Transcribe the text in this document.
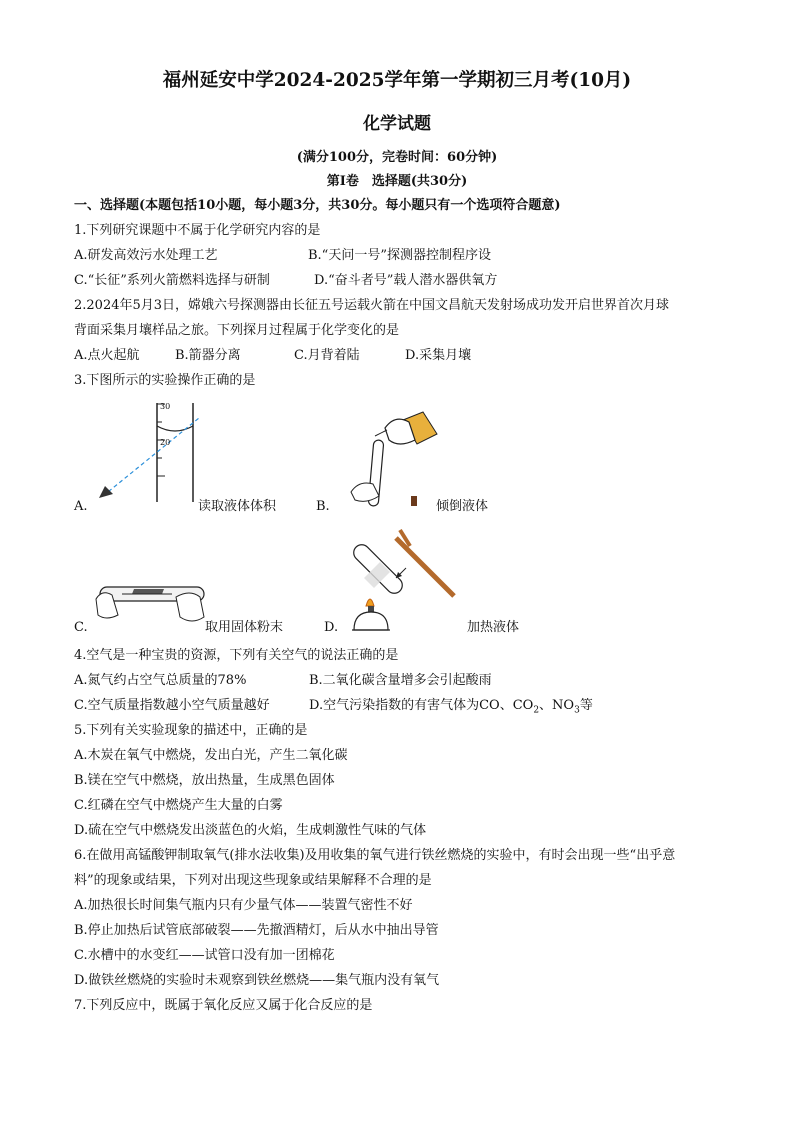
福州延安中学2024-2025学年第一学期初三月考(10月)
化学试题
(满分100分，完卷时间：60分钟)
第Ⅰ卷　选择题(共30分)
一、选择题(本题包括10小题，每小题3分，共30分。每小题只有一个选项符合题意)
1.下列研究课题中不属于化学研究内容的是
A.研发高效污水处理工艺	B.“天问一号”探测器控制程序设
C.“长征”系列火箭燃料选择与研制	D.“奋斗者号”载人潜水器供氧方
2.2024年5月3日，嫦娥六号探测器由长征五号运载火箭在中国文昌航天发射场成功发开启世界首次月球
背面采集月壤样品之旅。下列探月过程属于化学变化的是
A.点火起航	B.箭器分离	C.月背着陆	D.采集月壤
3.下图所示的实验操作正确的是
30
20
A.	读取液体体积	B.	倾倒液体
C.	取用固体粉末	D.	加热液体
4.空气是一种宝贵的资源，下列有关空气的说法正确的是
A.氮气约占空气总质量的78%	B.二氧化碳含量增多会引起酸雨
C.空气质量指数越小空气质量越好	D.空气污染指数的有害气体为CO、$CO_2$、$NO_3$等
5.下列有关实验现象的描述中，正确的是
A.木炭在氧气中燃烧，发出白光，产生二氧化碳
B.镁在空气中燃烧，放出热量，生成黑色固体
C.红磷在空气中燃烧产生大量的白雾
D.硫在空气中燃烧发出淡蓝色的火焰，生成刺激性气味的气体
6.在做用高锰酸钾制取氧气(排水法收集)及用收集的氧气进行铁丝燃烧的实验中，有时会出现一些“出乎意
料”的现象或结果，下列对出现这些现象或结果解释不合理的是
A.加热很长时间集气瓶内只有少量气体——装置气密性不好
B.停止加热后试管底部破裂——先撤酒精灯，后从水中抽出导管
C.水槽中的水变红——试管口没有加一团棉花
D.做铁丝燃烧的实验时未观察到铁丝燃烧——集气瓶内没有氧气
7.下列反应中，既属于氧化反应又属于化合反应的是
